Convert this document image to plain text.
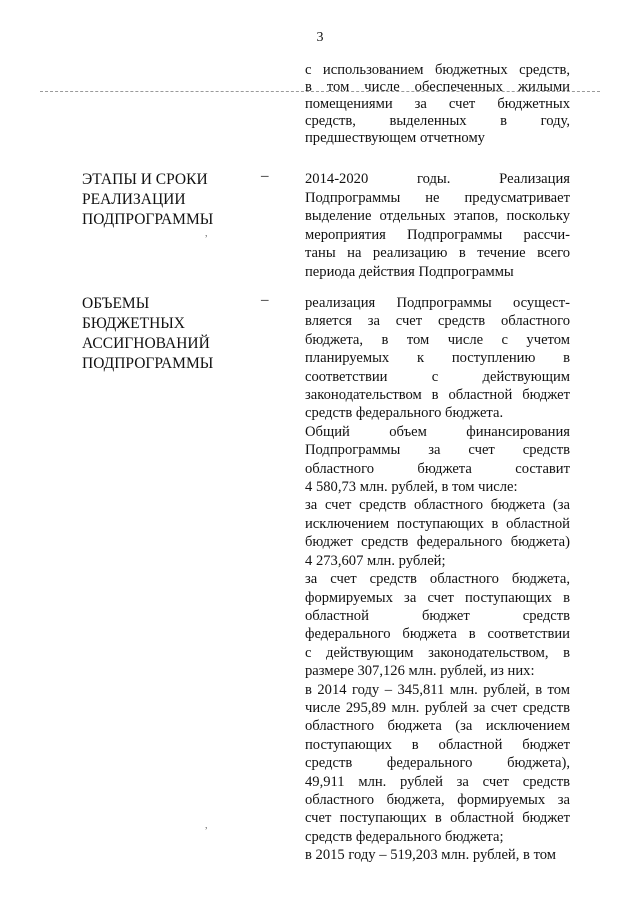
3

с использованием бюджетных средств,

в том числе обеспеченных жилыми

помещениями за счет бюджетных

средств, выделенных в году,

предшествующем отчетному

ЭТАПЫ И СРОКИ
РЕАЛИЗАЦИИ
ПОДПРОГРАММЫ
–	2014-2020 годы. Реализация

Подпрограммы не предусматривает

выделение отдельных этапов, поскольку

мероприятия Подпрограммы рассчи-

таны на реализацию в течение всего

периода действия Подпрограммы

ОБЪЕМЫ
БЮДЖЕТНЫХ
АССИГНОВАНИЙ
ПОДПРОГРАММЫ
–	реализация Подпрограммы осущест-

вляется за счет средств областного

бюджета, в том числе с учетом

планируемых к поступлению в

соответствии с действующим

законодательством в областной бюджет

средств федерального бюджета.

Общий объем финансирования

Подпрограммы за счет средств

областного бюджета составит

4 580,73 млн. рублей, в том числе:

за счет средств областного бюджета (за

исключением поступающих в областной

бюджет средств федерального бюджета)

4 273,607 млн. рублей;

за счет средств областного бюджета,

формируемых за счет поступающих в

областной бюджет средств

федерального бюджета в соответствии

с действующим законодательством, в

размере 307,126 млн. рублей, из них:

в 2014 году – 345,811 млн. рублей, в том

числе 295,89 млн. рублей за счет средств

областного бюджета (за исключением

поступающих в областной бюджет

средств федерального бюджета),

49,911 млн. рублей за счет средств

областного бюджета, формируемых за

счет поступающих в областной бюджет

средств федерального бюджета;

в 2015 году – 519,203 млн. рублей, в том

,
,
